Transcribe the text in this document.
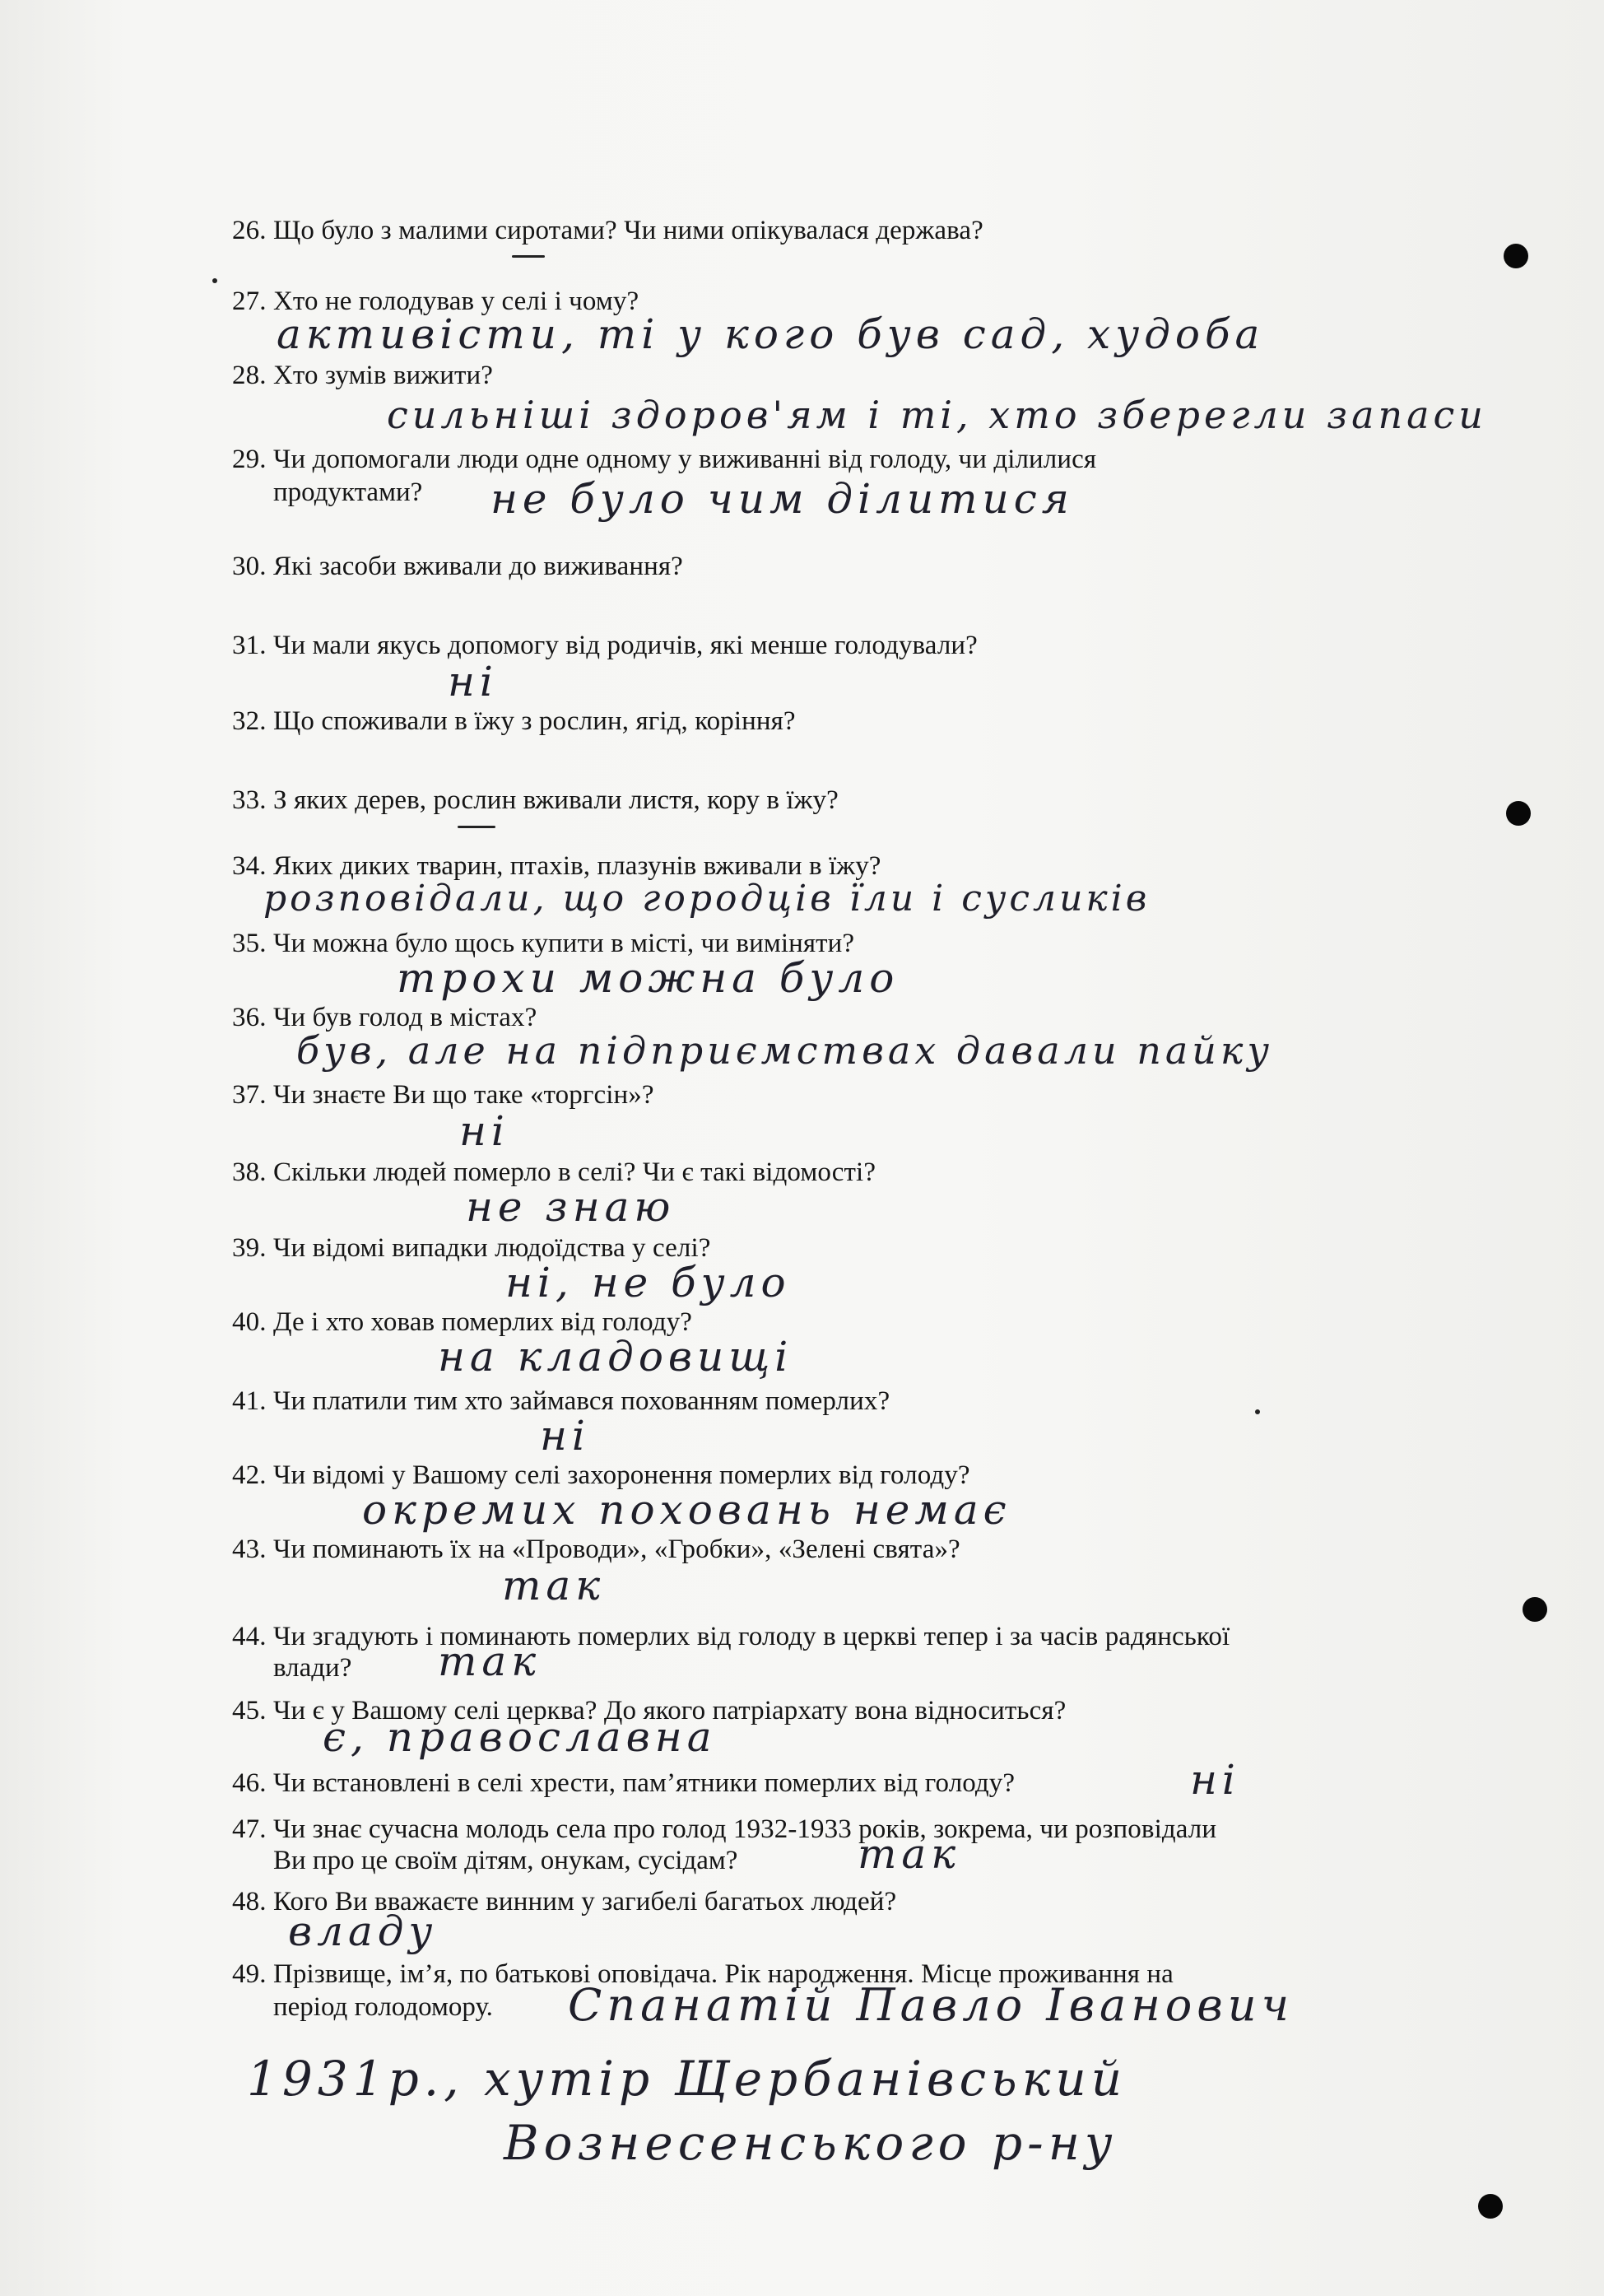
26. Що було з малими сиротами? Чи ними опікувалася держава?
27. Хто не голодував у селі і чому?
активісти, ті у кого був сад, худоба
28. Хто зумів вижити?
сильніші здоров'ям і ті, хто зберегли запаси
29. Чи допомогали люди одне одному у виживанні від голоду, чи ділилися
продуктами? не було чим ділитися
30. Які засоби вживали до виживання?
31. Чи мали якусь допомогу від родичів, які менше голодували?
ні
32. Що споживали в їжу з рослин, ягід, коріння?
33. З яких дерев, рослин вживали листя, кору в їжу?
34. Яких диких тварин, птахів, плазунів вживали в їжу?
розповідали, що городців їли і сусликів
35. Чи можна було щось купити в місті, чи виміняти?
трохи можна було
36. Чи був голод в містах?
був, але на підприємствах давали пайку
37. Чи знаєте Ви що таке «торгсін»?
ні
38. Скільки людей померло в селі? Чи є такі відомості?
не знаю
39. Чи відомі випадки людоїдства у селі?
ні, не було
40. Де і хто ховав померлих від голоду?
на кладовищі
41. Чи платили тим хто займався похованням померлих?
ні
42. Чи відомі у Вашому селі захоронення померлих від голоду?
окремих поховань немає
43. Чи поминають їх на «Проводи», «Гробки», «Зелені свята»?
так
44. Чи згадують і поминають померлих від голоду в церкві тепер і за часів радянської
влади? так
45. Чи є у Вашому селі церква? До якого патріархату вона відноситься?
є, православна
46. Чи встановлені в селі хрести, пам’ятники померлих від голоду?	ні
47. Чи знає сучасна молодь села про голод 1932-1933 років, зокрема, чи розповідали
Ви про це своїм дітям, онукам, сусідам?	так
48. Кого Ви вважаєте винним у загибелі багатьох людей?
владу
49. Прізвище, ім’я, по батькові оповідача. Рік народження. Місце проживання на
період голодомору. Спанатій Павло Іванович
1931р., хутір Щербанівський
Вознесенського р-ну
